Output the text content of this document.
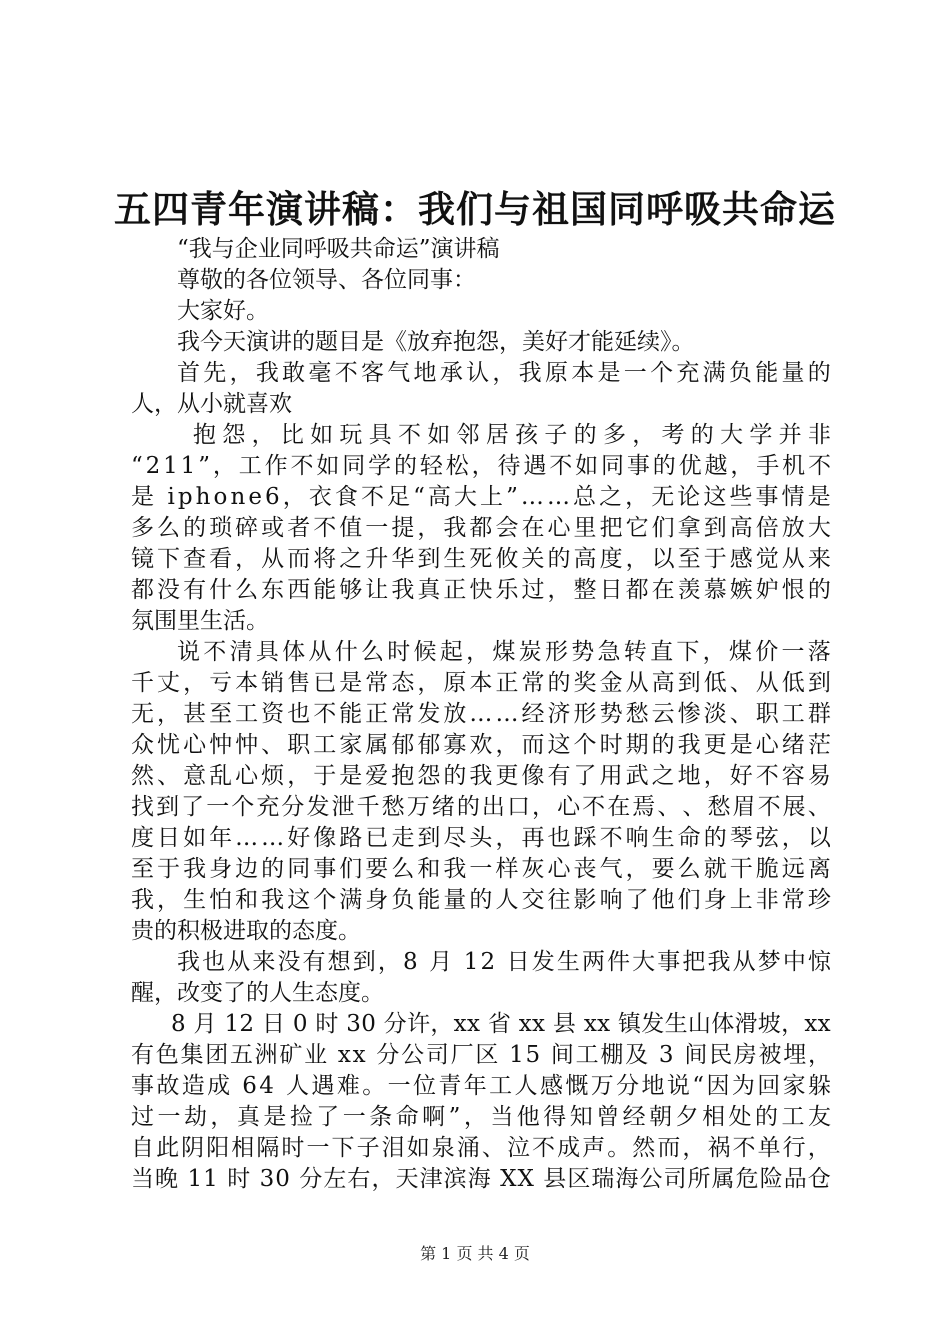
五四青年演讲稿：我们与祖国同呼吸共命运
“我与企业同呼吸共命运”演讲稿
尊敬的各位领导、各位同事：
大家好。
我今天演讲的题目是《放弃抱怨，美好才能延续》。
首 先 ， 我 敢 毫 不 客 气 地 承 认 ， 我 原 本 是 一 个 充 满 负 能 量 的
人，从小就喜欢
抱 怨 ， 比 如 玩 具 不 如 邻 居 孩 子 的 多 ， 考 的 大 学 并 非
“ 2 1 1 ” ， 工 作 不 如 同 学 的 轻 松 ， 待 遇 不 如 同 事 的 优 越 ， 手 机 不
是
i p h o n e 6 ， 衣 食 不 足 “ 高 大 上 ” … … 总 之 ， 无 论 这 些 事 情 是
多 么 的 琐 碎 或 者 不 值 一 提 ， 我 都 会 在 心 里 把 它 们 拿 到 高 倍 放 大
镜 下 查 看 ， 从 而 将 之 升 华 到 生 死 攸 关 的 高 度 ， 以 至 于 感 觉 从 来
都 没 有 什 么 东 西 能 够 让 我 真 正 快 乐 过 ， 整 日 都 在 羡 慕 嫉 妒 恨 的
氛围里生活。
说 不 清 具 体 从 什 么 时 候 起 ， 煤 炭 形 势 急 转 直 下 ， 煤 价 一 落
千 丈 ， 亏 本 销 售 已 是 常 态 ， 原 本 正 常 的 奖 金 从 高 到 低 、 从 低 到
无 ， 甚 至 工 资 也 不 能 正 常 发 放 … … 经 济 形 势 愁 云 惨 淡 、 职 工 群
众 忧 心 忡 忡 、 职 工 家 属 郁 郁 寡 欢 ， 而 这 个 时 期 的 我 更 是 心 绪 茫
然 、 意 乱 心 烦 ， 于 是 爱 抱 怨 的 我 更 像 有 了 用 武 之 地 ， 好 不 容 易
找 到 了 一 个 充 分 发 泄 千 愁 万 绪 的 出 口 ， 心 不 在 焉 、 、 愁 眉 不 展 、
度 日 如 年 … … 好 像 路 已 走 到 尽 头 ， 再 也 踩 不 响 生 命 的 琴 弦 ， 以
至 于 我 身 边 的 同 事 们 要 么 和 我 一 样 灰 心 丧 气 ， 要 么 就 干 脆 远 离
我 ， 生 怕 和 我 这 个 满 身 负 能 量 的 人 交 往 影 响 了 他 们 身 上 非 常 珍
贵的积极进取的态度。
我 也 从 来 没 有 想 到 ， 8
月
1 2
日 发 生 两 件 大 事 把 我 从 梦 中 惊
醒，改变了的人生态度。
8
月
1 2
日
0
时
3 0
分 许 ， x x
省
x x
县
x x
镇 发 生 山 体 滑 坡 ， x x
有 色 集 团 五 洲 矿 业
x x
分 公 司 厂 区
1 5
间 工 棚 及
3
间 民 房 被 埋 ，
事 故 造 成
6 4
人 遇 难 。 一 位 青 年 工 人 感 慨 万 分 地 说 “ 因 为 回 家 躲
过 一 劫 ， 真 是 捡 了 一 条 命 啊 ” ， 当 他 得 知 曾 经 朝 夕 相 处 的 工 友
自 此 阴 阳 相 隔 时 一 下 子 泪 如 泉 涌 、 泣 不 成 声 。 然 而 ， 祸 不 单 行 ，
当 晚
1 1
时
3 0
分 左 右 ， 天 津 滨 海
X X
县 区 瑞 海 公 司 所 属 危 险 品 仓
第 1 页 共 4 页
